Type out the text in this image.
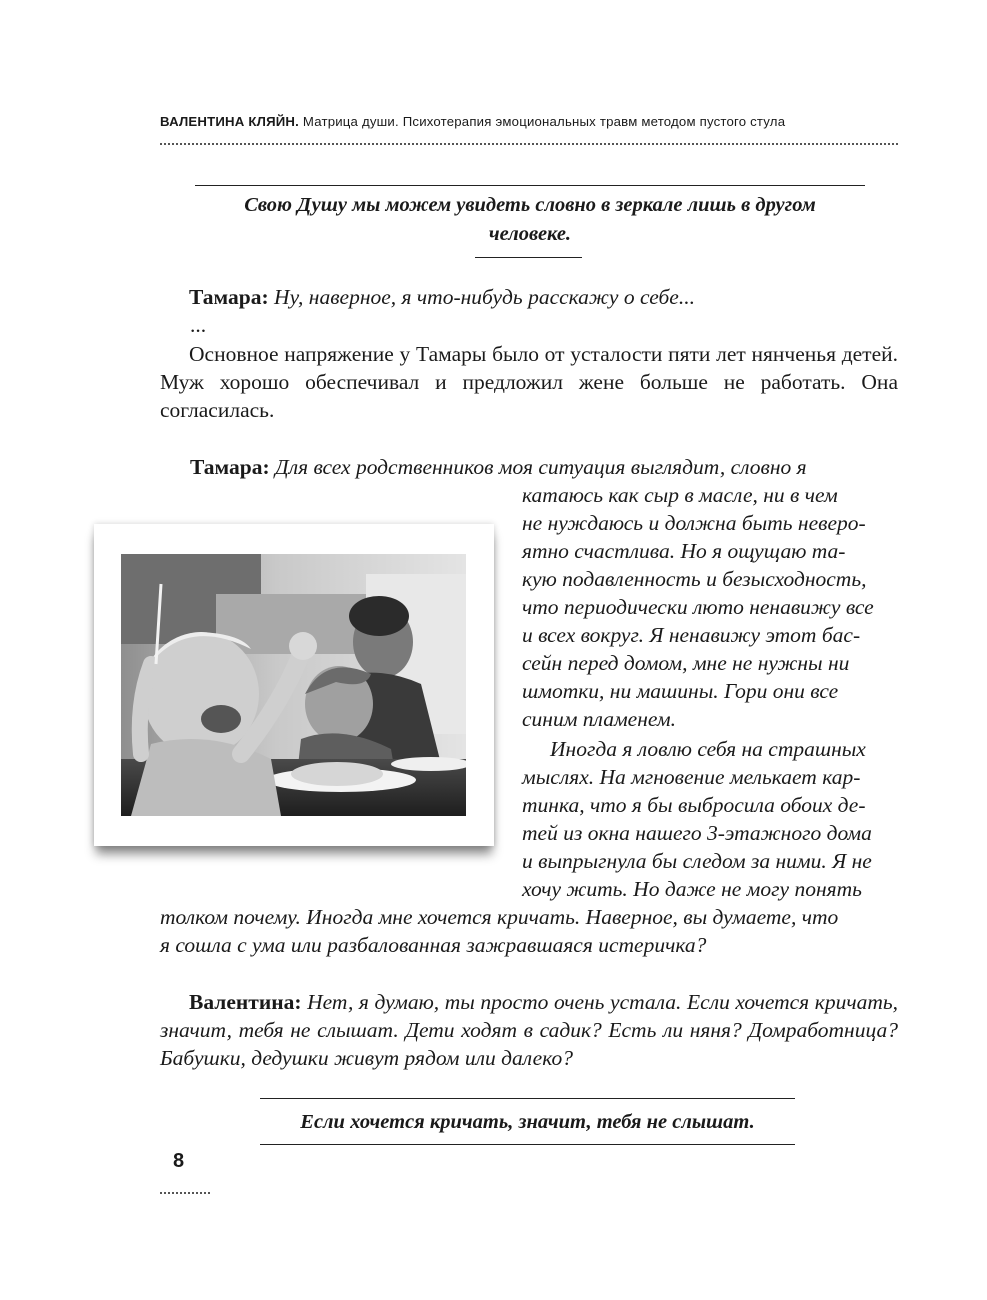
ВАЛЕНТИНА КЛЯЙН. Матрица души. Психотерапия эмоциональных травм методом пустого стула
Свою Душу мы можем увидеть словно в зеркале лишь в другом
человеке.
Тамара: Ну, наверное, я что-нибудь расскажу о себе...
...
Основное напряжение у Тамары было от усталости пяти лет нянченья детей. Муж хорошо обеспечивал и предложил жене больше не работать. Она согласилась.
Тамара: Для всех родственников моя ситуация выглядит, словно я
катаюсь как сыр в масле, ни в чем
не нуждаюсь и должна быть неверо-
ятно счастлива. Но я ощущаю та-
кую подавленность и безысходность,
что периодически люто ненавижу все
и всех вокруг. Я ненавижу этот бас-
сейн перед домом, мне не нужны ни
шмотки, ни машины. Гори они все
синим пламенем.
Иногда я ловлю себя на страшных
мыслях. На мгновение мелькает кар-
тинка, что я бы выбросила обоих де-
тей из окна нашего 3-этажного дома
и выпрыгнула бы следом за ними. Я не
хочу жить. Но даже не могу понять
толком почему. Иногда мне хочется кричать. Наверное, вы думаете, что
я сошла с ума или разбалованная зажравшаяся истеричка?
Валентина: Нет, я думаю, ты просто очень устала. Если хочется кричать, значит, тебя не слышат. Дети ходят в садик? Есть ли няня? Домработница? Бабушки, дедушки живут рядом или далеко?
Если хочется кричать, значит, тебя не слышат.
8
